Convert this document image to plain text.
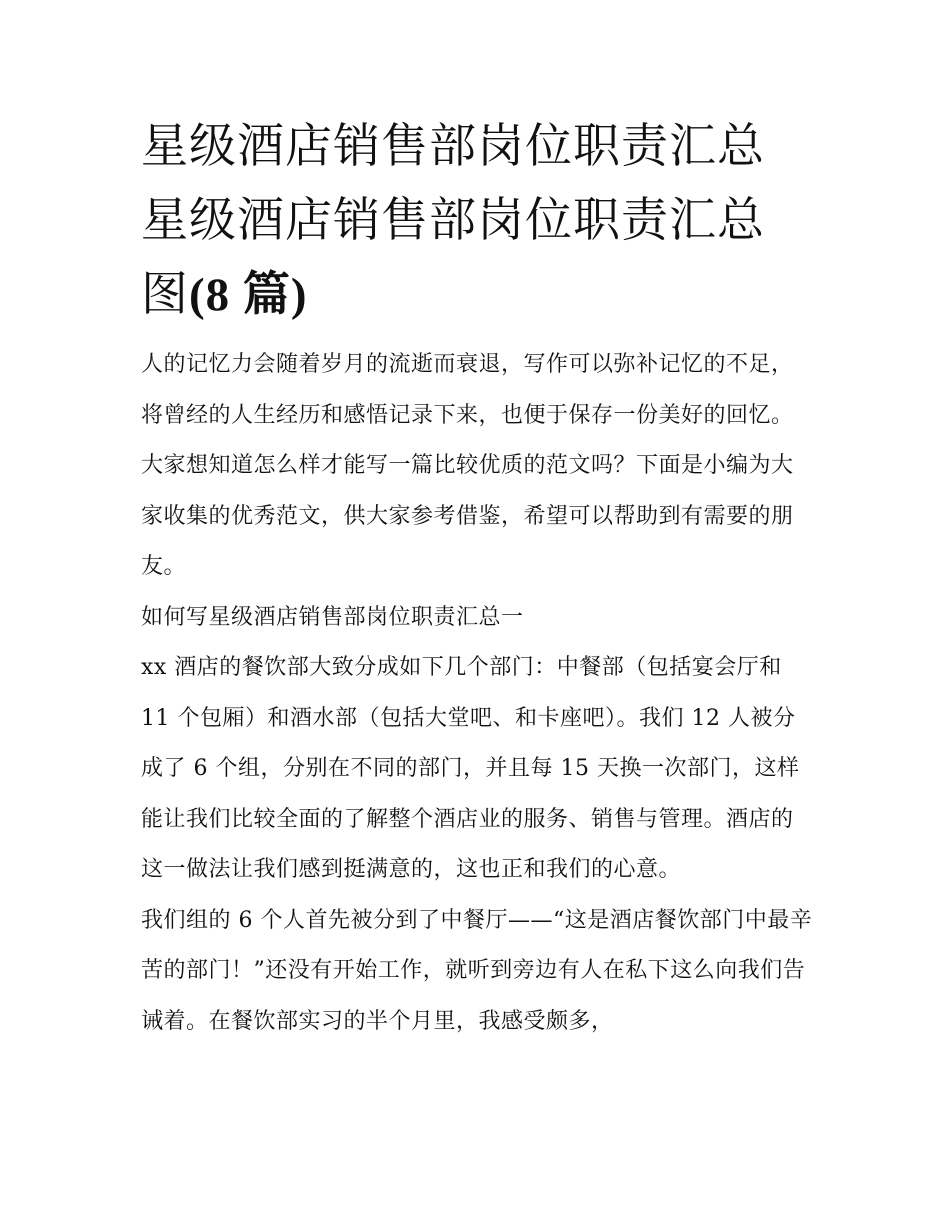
星级酒店销售部岗位职责汇总
星级酒店销售部岗位职责汇总
图(8 篇)

人的记忆力会随着岁月的流逝而衰退，写作可以弥补记忆的不足，将曾经的人生经历和感悟记录下来，也便于保存一份美好的回忆。大家想知道怎么样才能写一篇比较优质的范文吗？下面是小编为大家收集的优秀范文，供大家参考借鉴，希望可以帮助到有需要的朋友。

如何写星级酒店销售部岗位职责汇总一

xx 酒店的餐饮部大致分成如下几个部门：中餐部（包括宴会厅和 11 个包厢）和酒水部（包括大堂吧、和卡座吧）。我们 12 人被分成了 6 个组，分别在不同的部门，并且每 15 天换一次部门，这样能让我们比较全面的了解整个酒店业的服务、销售与管理。酒店的这一做法让我们感到挺满意的，这也正和我们的心意。

我们组的 6 个人首先被分到了中餐厅——“这是酒店餐饮部门中最辛苦的部门！”还没有开始工作，就听到旁边有人在私下这么向我们告诫着。在餐饮部实习的半个月里，我感受颇多，
